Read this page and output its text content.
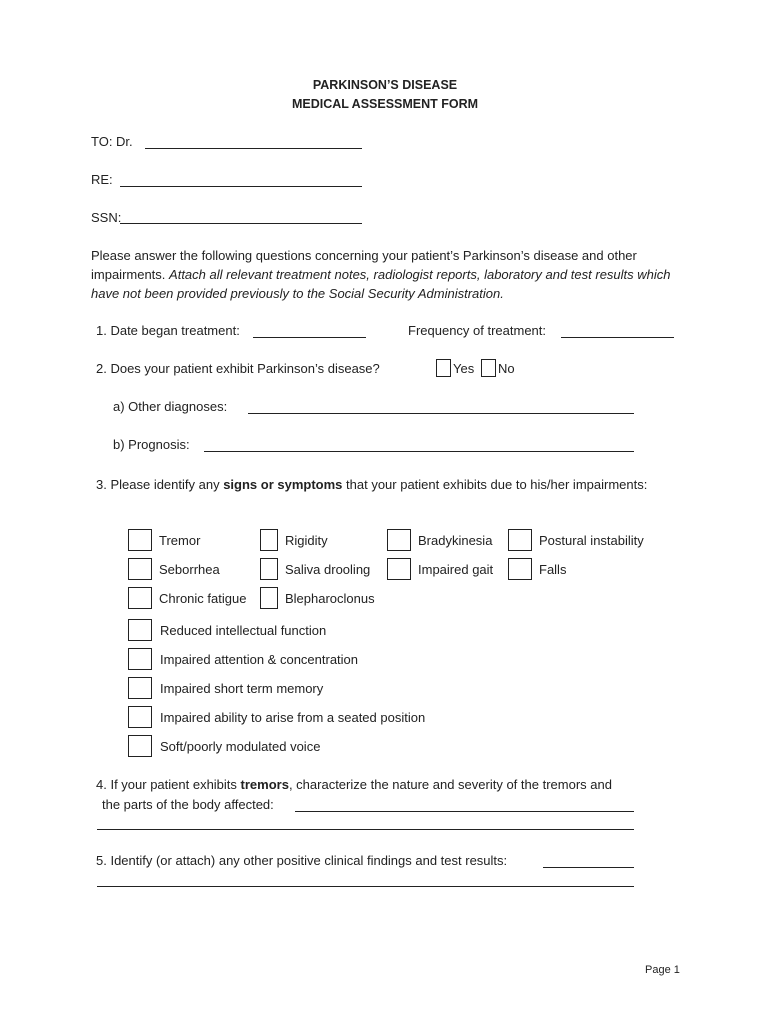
PARKINSON’S DISEASE
MEDICAL ASSESSMENT FORM
TO: Dr.
RE:
SSN:
Please answer the following questions concerning your patient’s Parkinson’s disease and other impairments. Attach all relevant treatment notes, radiologist reports, laboratory and test results which have not been provided previously to the Social Security Administration.
1. Date began treatment:	Frequency of treatment:
2. Does your patient exhibit Parkinson’s disease?	Yes No
a) Other diagnoses:
b) Prognosis:
3. Please identify any signs or symptoms that your patient exhibits due to his/her impairments:
Tremor	Rigidity	Bradykinesia	Postural instability
Seborrhea	Saliva drooling	Impaired gait	Falls
Chronic fatigue	Blepharoclonus
Reduced intellectual function
Impaired attention & concentration
Impaired short term memory
Impaired ability to arise from a seated position
Soft/poorly modulated voice
4. If your patient exhibits tremors, characterize the nature and severity of the tremors and
the parts of the body affected:
5. Identify (or attach) any other positive clinical findings and test results:
Page 1
